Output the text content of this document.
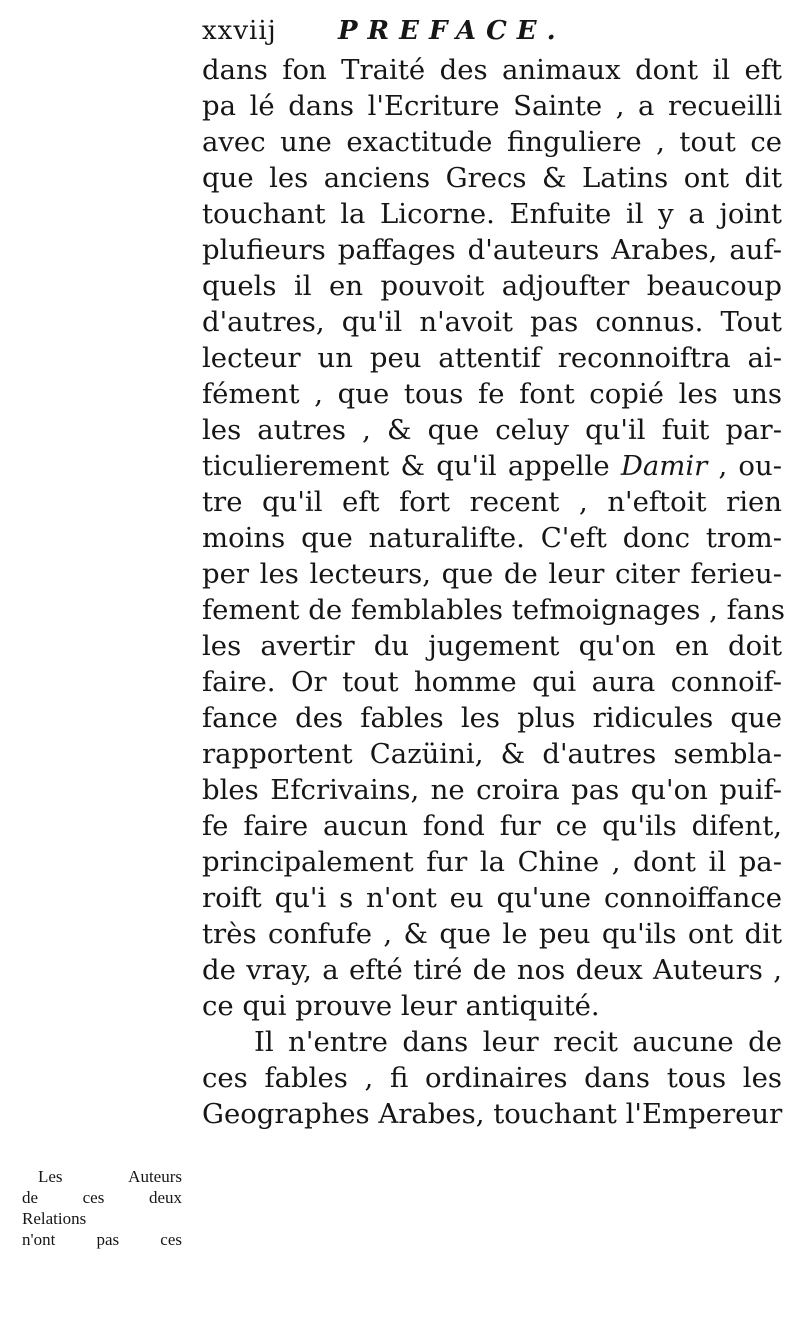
xxviij PREFACE.
dans fon Traité des animaux dont il eft
pa lé dans l'Ecriture Sainte , a recueilli
avec une exactitude finguliere , tout ce
que les anciens Grecs & Latins ont dit
touchant la Licorne. Enfuite il y a joint
plufieurs paffages d'auteurs Arabes, auf-
quels il en pouvoit adjoufter beaucoup
d'autres, qu'il n'avoit pas connus. Tout
lecteur un peu attentif reconnoiftra ai-
fément , que tous fe font copié les uns
les autres , & que celuy qu'il fuit par-
ticulierement & qu'il appelle Damir , ou-
tre qu'il eft fort recent , n'eftoit rien
moins que naturalifte. C'eft donc trom-
per les lecteurs, que de leur citer ferieu-
fement de femblables tefmoignages , fans
les avertir du jugement qu'on en doit
faire. Or tout homme qui aura connoif-
fance des fables les plus ridicules que
rapportent Cazüini, & d'autres sembla-
bles Efcrivains, ne croira pas qu'on puif-
fe faire aucun fond fur ce qu'ils difent,
principalement fur la Chine , dont il pa-
roift qu'i s n'ont eu qu'une connoiffance
très confufe , & que le peu qu'ils ont dit
de vray, a efté tiré de nos deux Auteurs ,
ce qui prouve leur antiquité.
Il n'entre dans leur recit aucune de
ces fables , fi ordinaires dans tous les
Geographes Arabes, touchant l'Empereur
Les Auteurs
de ces deux
Relations
n'ont pas ces
